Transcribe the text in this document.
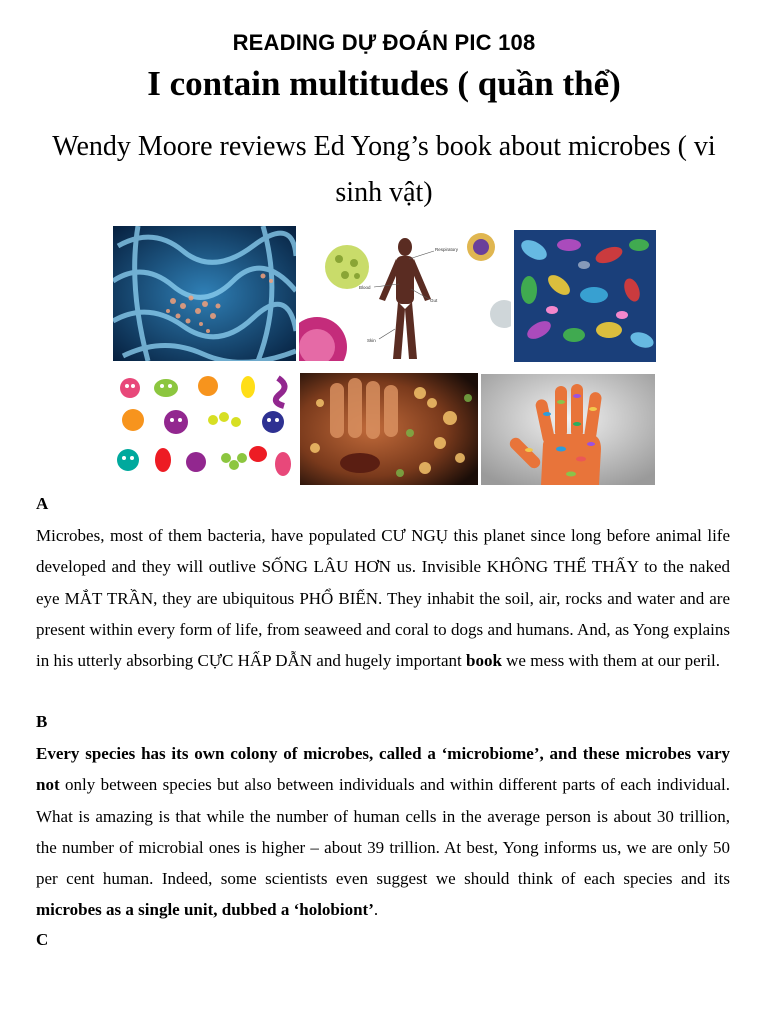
READING DỰ ĐOÁN PIC 108
I contain multitudes ( quần thể)
Wendy Moore reviews Ed Yong’s book about microbes ( vi sinh vật)
Respiratory
Blood
Gut
Skin
A
Microbes, most of them bacteria, have populated CƯ NGỤ this planet since long before animal life developed and they will outlive SỐNG LÂU HƠN us. Invisible KHÔNG THỂ THẤY to the naked eye MẮT TRẦN, they are ubiquitous PHỔ BIẾN. They inhabit the soil, air, rocks and water and are present within every form of life, from seaweed and coral to dogs and humans. And, as Yong explains in his utterly absorbing CỰC HẤP DẪN and hugely important book we mess with them at our peril.
B
Every species has its own colony of microbes, called a ‘microbiome’, and these microbes vary not only between species but also between individuals and within different parts of each individual. What is amazing is that while the number of human cells in the average person is about 30 trillion, the number of microbial ones is higher – about 39 trillion. At best, Yong informs us, we are only 50 per cent human. Indeed, some scientists even suggest we should think of each species and its microbes as a single unit, dubbed a ‘holobiont’.
C
